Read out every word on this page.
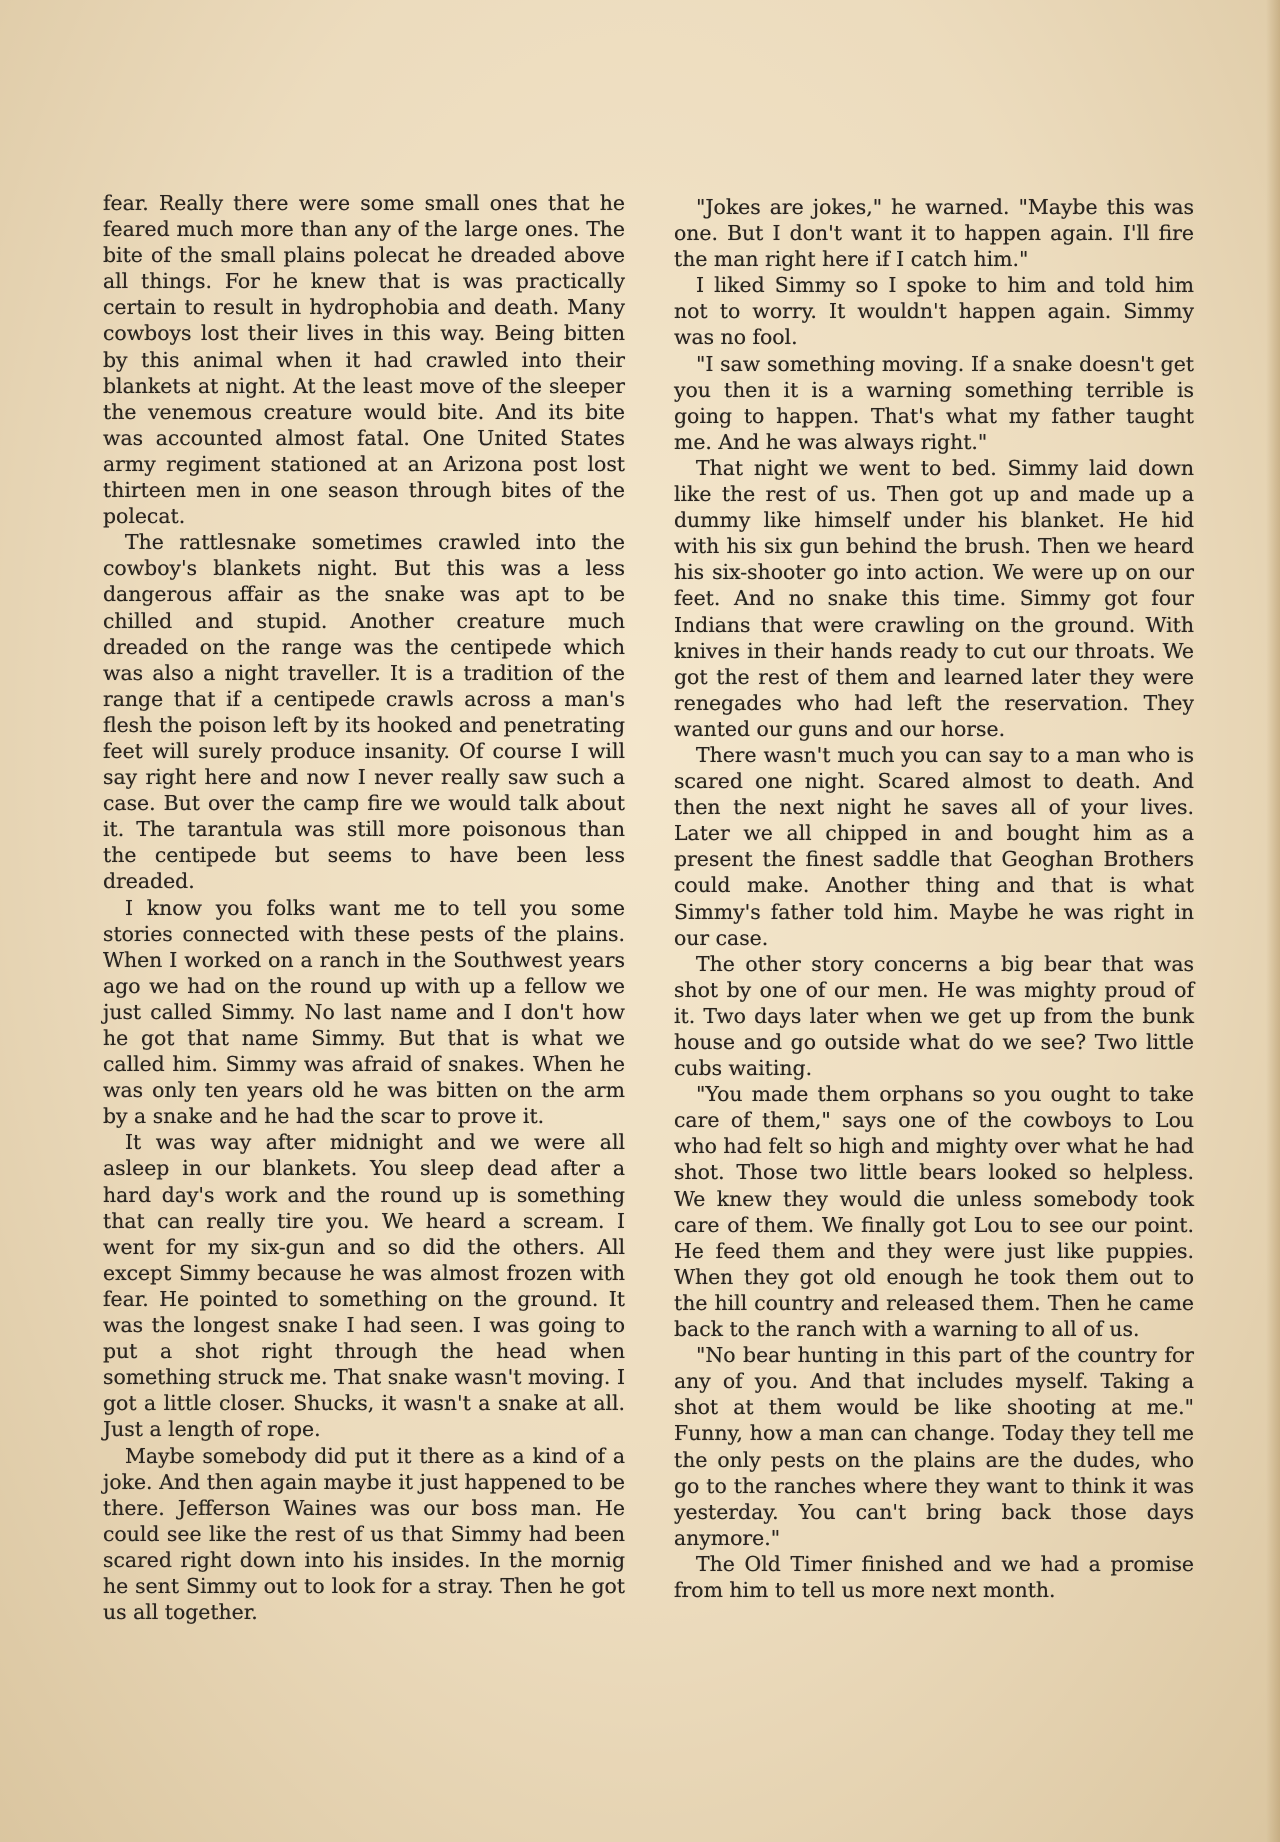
fear. Really there were some small ones that he feared much more than any of the large ones. The bite of the small plains polecat he dreaded above all things. For he knew that is was practically certain to result in hydrophobia and death. Many cowboys lost their lives in this way. Being bitten by this animal when it had crawled into their blankets at night. At the least move of the sleeper the venemous creature would bite. And its bite was accounted almost fatal. One United States army regiment stationed at an Arizona post lost thirteen men in one season through bites of the polecat.

The rattlesnake sometimes crawled into the cowboy's blankets night. But this was a less dangerous affair as the snake was apt to be chilled and stupid. Another creature much dreaded on the range was the centipede which was also a night traveller. It is a tradition of the range that if a centipede crawls across a man's flesh the poison left by its hooked and penetrating feet will surely produce insanity. Of course I will say right here and now I never really saw such a case. But over the camp fire we would talk about it. The tarantula was still more poisonous than the centipede but seems to have been less dreaded.

I know you folks want me to tell you some stories connected with these pests of the plains. When I worked on a ranch in the Southwest years ago we had on the round up with up a fellow we just called Simmy. No last name and I don't how he got that name Simmy. But that is what we called him. Simmy was afraid of snakes. When he was only ten years old he was bitten on the arm by a snake and he had the scar to prove it.

It was way after midnight and we were all asleep in our blankets. You sleep dead after a hard day's work and the round up is something that can really tire you. We heard a scream. I went for my six-gun and so did the others. All except Simmy because he was almost frozen with fear. He pointed to something on the ground. It was the longest snake I had seen. I was going to put a shot right through the head when something struck me. That snake wasn't moving. I got a little closer. Shucks, it wasn't a snake at all. Just a length of rope.

Maybe somebody did put it there as a kind of a joke. And then again maybe it just happened to be there. Jefferson Waines was our boss man. He could see like the rest of us that Simmy had been scared right down into his insides. In the mornig he sent Simmy out to look for a stray. Then he got us all together.

"Jokes are jokes," he warned. "Maybe this was one. But I don't want it to happen again. I'll fire the man right here if I catch him."

I liked Simmy so I spoke to him and told him not to worry. It wouldn't happen again. Simmy was no fool.

"I saw something moving. If a snake doesn't get you then it is a warning something terrible is going to happen. That's what my father taught me. And he was always right."

That night we went to bed. Simmy laid down like the rest of us. Then got up and made up a dummy like himself under his blanket. He hid with his six gun behind the brush. Then we heard his six-shooter go into action. We were up on our feet. And no snake this time. Simmy got four Indians that were crawling on the ground. With knives in their hands ready to cut our throats. We got the rest of them and learned later they were renegades who had left the reservation. They wanted our guns and our horse.

There wasn't much you can say to a man who is scared one night. Scared almost to death. And then the next night he saves all of your lives. Later we all chipped in and bought him as a present the finest saddle that Geoghan Brothers could make. Another thing and that is what Simmy's father told him. Maybe he was right in our case.

The other story concerns a big bear that was shot by one of our men. He was mighty proud of it. Two days later when we get up from the bunk house and go outside what do we see? Two little cubs waiting.

"You made them orphans so you ought to take care of them," says one of the cowboys to Lou who had felt so high and mighty over what he had shot. Those two little bears looked so helpless. We knew they would die unless somebody took care of them. We finally got Lou to see our point. He feed them and they were just like puppies. When they got old enough he took them out to the hill country and released them. Then he came back to the ranch with a warning to all of us.

"No bear hunting in this part of the country for any of you. And that includes myself. Taking a shot at them would be like shooting at me." Funny, how a man can change. Today they tell me the only pests on the plains are the dudes, who go to the ranches where they want to think it was yesterday. You can't bring back those days anymore."

The Old Timer finished and we had a promise from him to tell us more next month.
